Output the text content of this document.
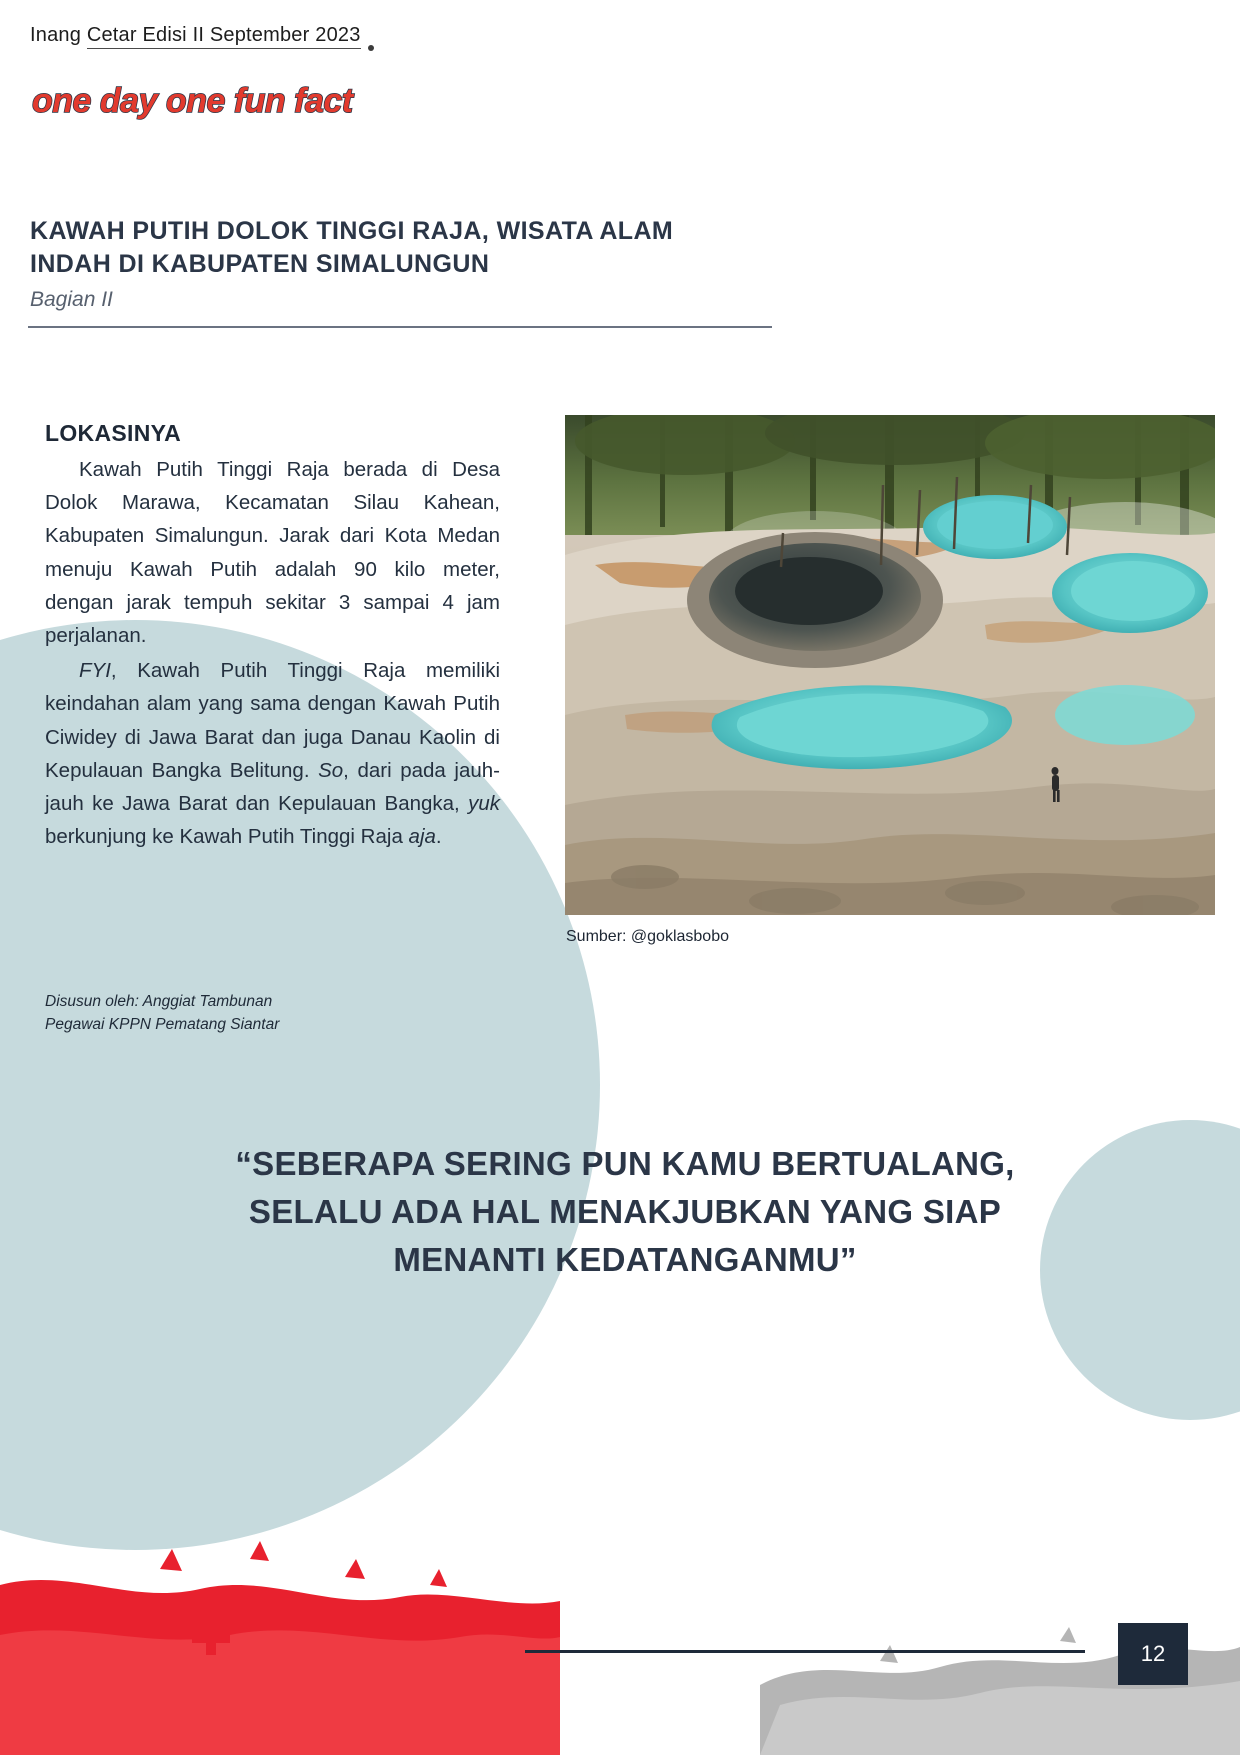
Inang Cetar Edisi II September 2023
one day one fun fact
KAWAH PUTIH DOLOK TINGGI RAJA, WISATA ALAM INDAH DI KABUPATEN SIMALUNGUN
Bagian II
LOKASINYA

Kawah Putih Tinggi Raja berada di Desa Dolok Marawa, Kecamatan Silau Kahean, Kabupaten Simalungun. Jarak dari Kota Medan menuju Kawah Putih adalah 90 kilo meter, dengan jarak tempuh sekitar 3 sampai 4 jam perjalanan.

FYI, Kawah Putih Tinggi Raja memiliki keindahan alam yang sama dengan Kawah Putih Ciwidey di Jawa Barat dan juga Danau Kaolin di Kepulauan Bangka Belitung. So, dari pada jauh-jauh ke Jawa Barat dan Kepulauan Bangka, yuk berkunjung ke Kawah Putih Tinggi Raja aja.

Disusun oleh: Anggiat Tambunan
Pegawai KPPN Pematang Siantar
Sumber: @goklasbobo
“SEBERAPA SERING PUN KAMU BERTUALANG, SELALU ADA HAL MENAKJUBKAN YANG SIAP MENANTI KEDATANGANMU”
12
